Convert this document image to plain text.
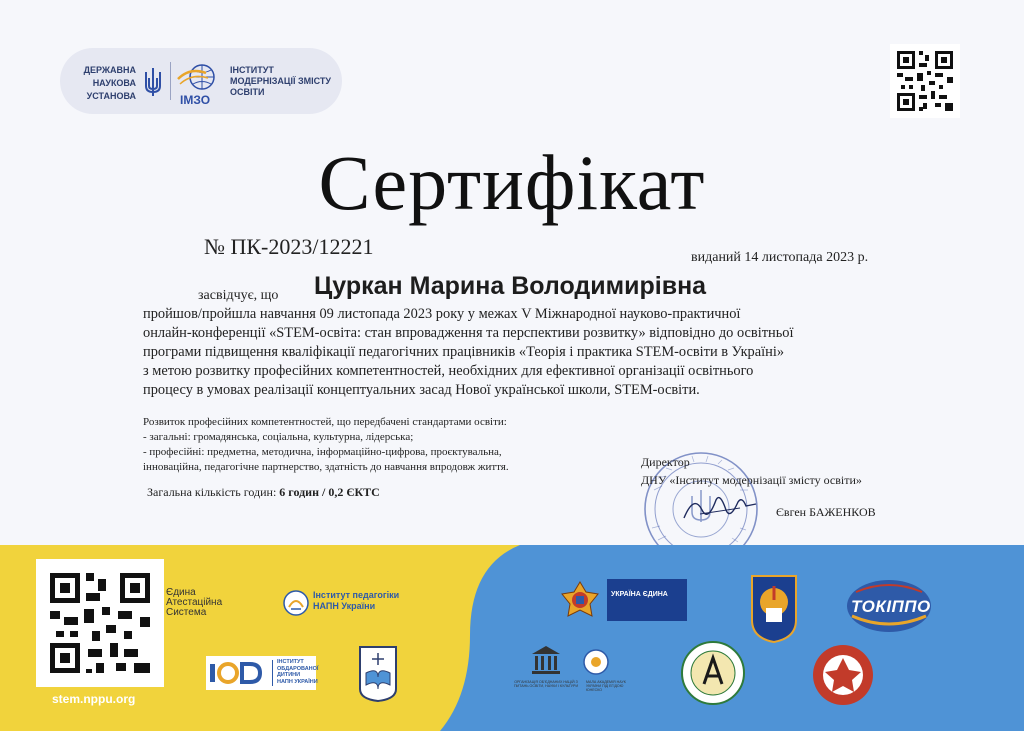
ДЕРЖАВНА
НАУКОВА
УСТАНОВА	ІМЗО
ІНСТИТУТ
МОДЕРНІЗАЦІЇ ЗМІСТУ
ОСВІТИ
Сертифікат
№ ПК-2023/12221	виданий 14 листопада 2023 р.
засвідчує, що Цуркан Марина Володимирівна
пройшов/пройшла навчання 09 листопада 2023 року у межах V Міжнародної науково-практичної
онлайн-конференції «STEM-освіта: стан впровадження та перспективи розвитку» відповідно до освітньої
програми підвищення кваліфікації педагогічних працівників «Теорія і практика STEM-освіти в Україні»
з метою розвитку професійних компетентностей, необхідних для ефективної організації освітнього
процесу в умовах реалізації концептуальних засад Нової української школи, STEM-освіти.
Розвиток професійних компетентностей, що передбачені стандартами освіти:
- загальні: громадянська, соціальна, культурна, лідерська;
- професійні: предметна, методична, інформаційно-цифрова, проєктувальна,
інноваційна, педагогічне партнерство, здатність до навчання впродовж життя.
Загальна кількість годин: 6 годин / 0,2 ЄКТС
Директор
ДНУ «Інститут модернізації змісту освіти»
Євген БАЖЕНКОВ
stem.nppu.org
Єдина
Атестаційна
Система
Інститут педагогіки
НАПН України
ІНСТИТУТ
ОБДАРОВАНОЇ
ДИТИНИ
НАПН УКРАЇНИ
УКРАЇНА ЄДИНА
ТОКІППО
ОРГАНІЗАЦІЯ ОБ'ЄДНАНИХ НАЦІЙ З ПИТАНЬ ОСВІТИ, НАУКИ І КУЛЬТУРИ
МАЛА АКАДЕМІЯ НАУК УКРАЇНИ ПІД ЕГІДОЮ ЮНЕСКО
